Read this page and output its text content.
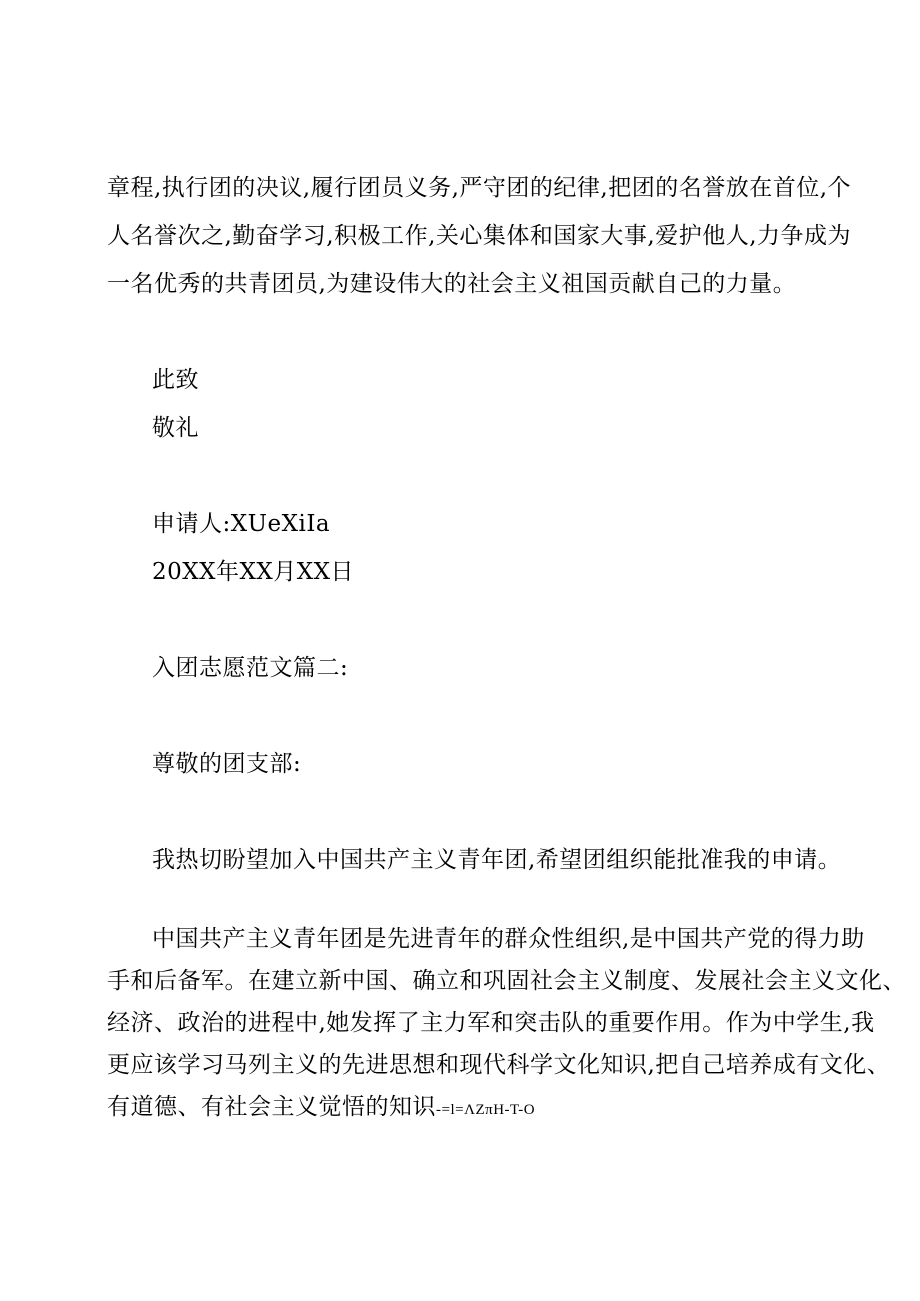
章程,执行团的决议,履行团员义务,严守团的纪律,把团的名誉放在首位,个
人名誉次之,勤奋学习,积极工作,关心集体和国家大事,爱护他人,力争成为
一名优秀的共青团员,为建设伟大的社会主义祖国贡献自己的力量。
此致
敬礼
申请人:XUeXiIa
20XX年XX月XX日
入团志愿范文篇二:
尊敬的团支部:
我热切盼望加入中国共产主义青年团,希望团组织能批准我的申请。
中国共产主义青年团是先进青年的群众性组织,是中国共产党的得力助
手和后备军。在建立新中国、确立和巩固社会主义制度、发展社会主义文化、
经济、政治的进程中,她发挥了主力军和突击队的重要作用。作为中学生,我
更应该学习马列主义的先进思想和现代科学文化知识,把自己培养成有文化、
有道德、有社会主义觉悟的知识-=l=ΛZπH-T-O
